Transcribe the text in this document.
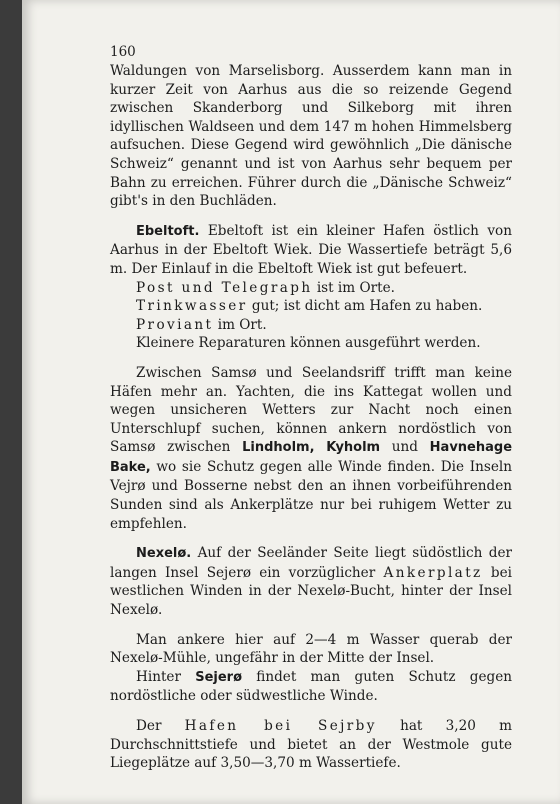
160

Waldungen von Marselisborg. Ausserdem kann man in kurzer Zeit von Aarhus aus die so reizende Gegend zwischen Skanderborg und Silkeborg mit ihren idyllischen Waldseen und dem 147 m hohen Himmelsberg aufsuchen. Diese Gegend wird gewöhnlich „Die dänische Schweiz“ genannt und ist von Aarhus sehr bequem per Bahn zu erreichen. Führer durch die „Dänische Schweiz“ gibt's in den Buchläden.

Ebeltoft. Ebeltoft ist ein kleiner Hafen östlich von Aarhus in der Ebeltoft Wiek. Die Wassertiefe beträgt 5,6 m. Der Einlauf in die Ebeltoft Wiek ist gut befeuert.

Post und Telegraph ist im Orte.

Trinkwasser gut; ist dicht am Hafen zu haben.

Proviant im Ort.

Kleinere Reparaturen können ausgeführt werden.

Zwischen Samsø und Seelandsriff trifft man keine Häfen mehr an. Yachten, die ins Kattegat wollen und wegen unsicheren Wetters zur Nacht noch einen Unterschlupf suchen, können ankern nordöstlich von Samsø zwischen Lindholm, Kyholm und Havnehage Bake, wo sie Schutz gegen alle Winde finden. Die Inseln Vejrø und Bosserne nebst den an ihnen vorbeiführenden Sunden sind als Ankerplätze nur bei ruhigem Wetter zu empfehlen.

Nexelø. Auf der Seeländer Seite liegt südöstlich der langen Insel Sejerø ein vorzüglicher Ankerplatz bei westlichen Winden in der Nexelø-Bucht, hinter der Insel Nexelø.

Man ankere hier auf 2—4 m Wasser querab der Nexelø-Mühle, ungefähr in der Mitte der Insel.

Hinter Sejerø findet man guten Schutz gegen nordöstliche oder südwestliche Winde.

Der Hafen bei Sejrby hat 3,20 m Durchschnittstiefe und bietet an der Westmole gute Liegeplätze auf 3,50—3,70 m Wassertiefe.
